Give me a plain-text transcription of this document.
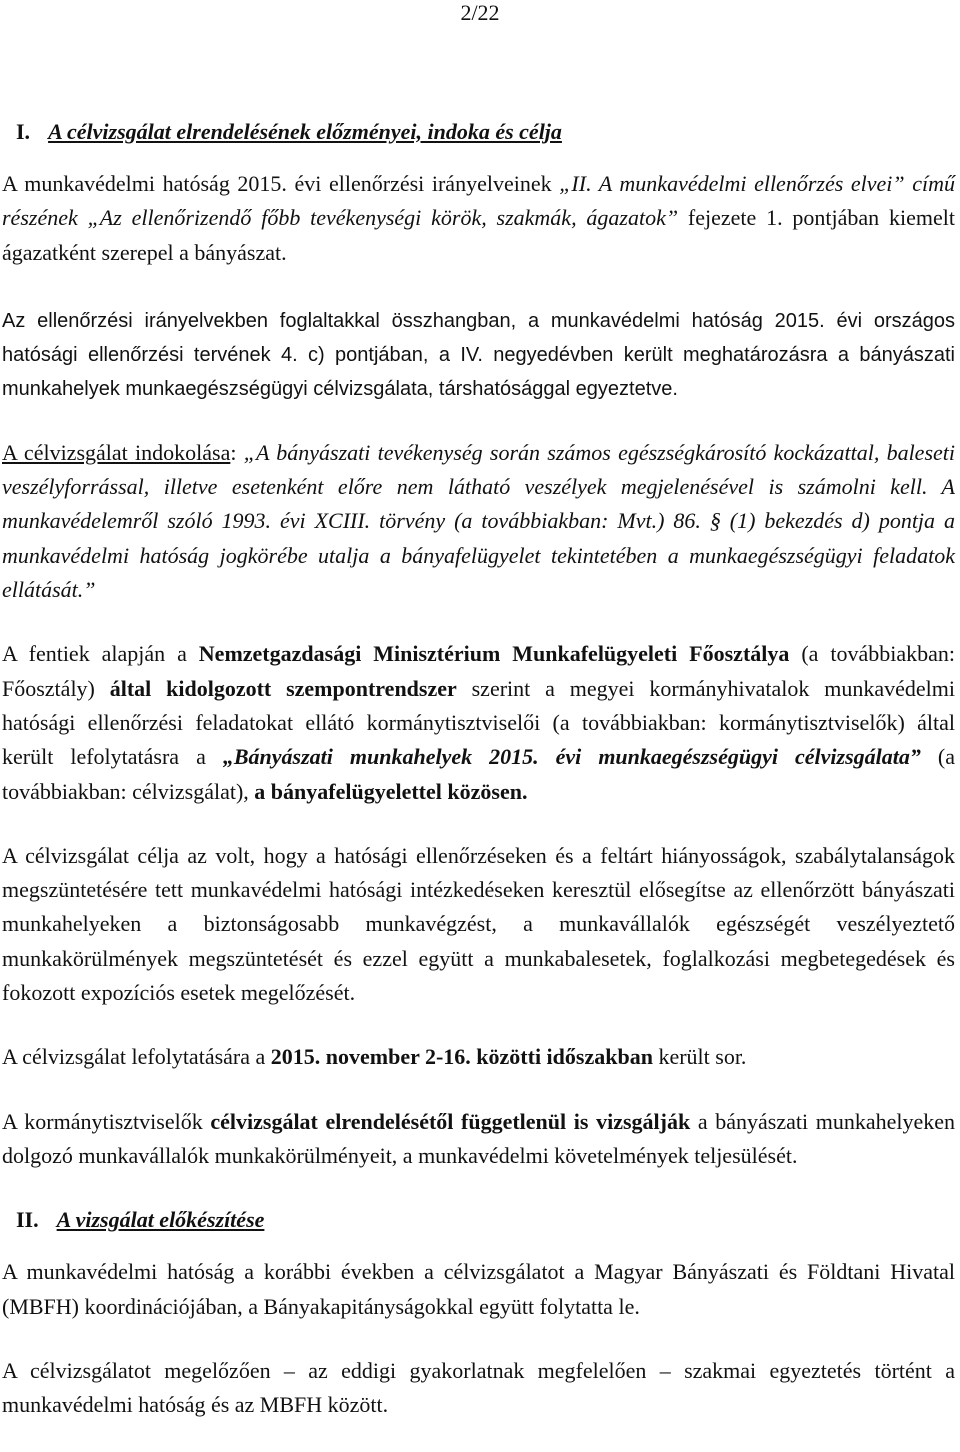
2/22
I. A célvizsgálat elrendelésének előzményei, indoka és célja

A munkavédelmi hatóság 2015. évi ellenőrzési irányelveinek „II. A munkavédelmi ellenőrzés elvei” című részének „Az ellenőrizendő főbb tevékenységi körök, szakmák, ágazatok” fejezete 1. pontjában kiemelt ágazatként szerepel a bányászat.

Az ellenőrzési irányelvekben foglaltakkal összhangban, a munkavédelmi hatóság 2015. évi országos hatósági ellenőrzési tervének 4. c) pontjában, a IV. negyedévben került meghatározásra a bányászati munkahelyek munkaegészségügyi célvizsgálata, társhatósággal egyeztetve.

A célvizsgálat indokolása: „A bányászati tevékenység során számos egészségkárosító kockázattal, baleseti veszélyforrással, illetve esetenként előre nem látható veszélyek megjelenésével is számolni kell. A munkavédelemről szóló 1993. évi XCIII. törvény (a továbbiakban: Mvt.) 86. § (1) bekezdés d) pontja a munkavédelmi hatóság jogkörébe utalja a bányafelügyelet tekintetében a munkaegészségügyi feladatok ellátását.”

A fentiek alapján a Nemzetgazdasági Minisztérium Munkafelügyeleti Főosztálya (a továbbiakban: Főosztály) által kidolgozott szempontrendszer szerint a megyei kormányhivatalok munkavédelmi hatósági ellenőrzési feladatokat ellátó kormánytisztviselői (a továbbiakban: kormánytisztviselők) által került lefolytatásra a „Bányászati munkahelyek 2015. évi munkaegészségügyi célvizsgálata” (a továbbiakban: célvizsgálat), a bányafelügyelettel közösen.

A célvizsgálat célja az volt, hogy a hatósági ellenőrzéseken és a feltárt hiányosságok, szabálytalanságok megszüntetésére tett munkavédelmi hatósági intézkedéseken keresztül elősegítse az ellenőrzött bányászati munkahelyeken a biztonságosabb munkavégzést, a munkavállalók egészségét veszélyeztető munkakörülmények megszüntetését és ezzel együtt a munkabalesetek, foglalkozási megbetegedések és fokozott expozíciós esetek megelőzését.

A célvizsgálat lefolytatására a 2015. november 2-16. közötti időszakban került sor.

A kormánytisztviselők célvizsgálat elrendelésétől függetlenül is vizsgálják a bányászati munkahelyeken dolgozó munkavállalók munkakörülményeit, a munkavédelmi követelmények teljesülését.

II. A vizsgálat előkészítése

A munkavédelmi hatóság a korábbi években a célvizsgálatot a Magyar Bányászati és Földtani Hivatal (MBFH) koordinációjában, a Bányakapitányságokkal együtt folytatta le.

A célvizsgálatot megelőzően – az eddigi gyakorlatnak megfelelően – szakmai egyeztetés történt a munkavédelmi hatóság és az MBFH között.
